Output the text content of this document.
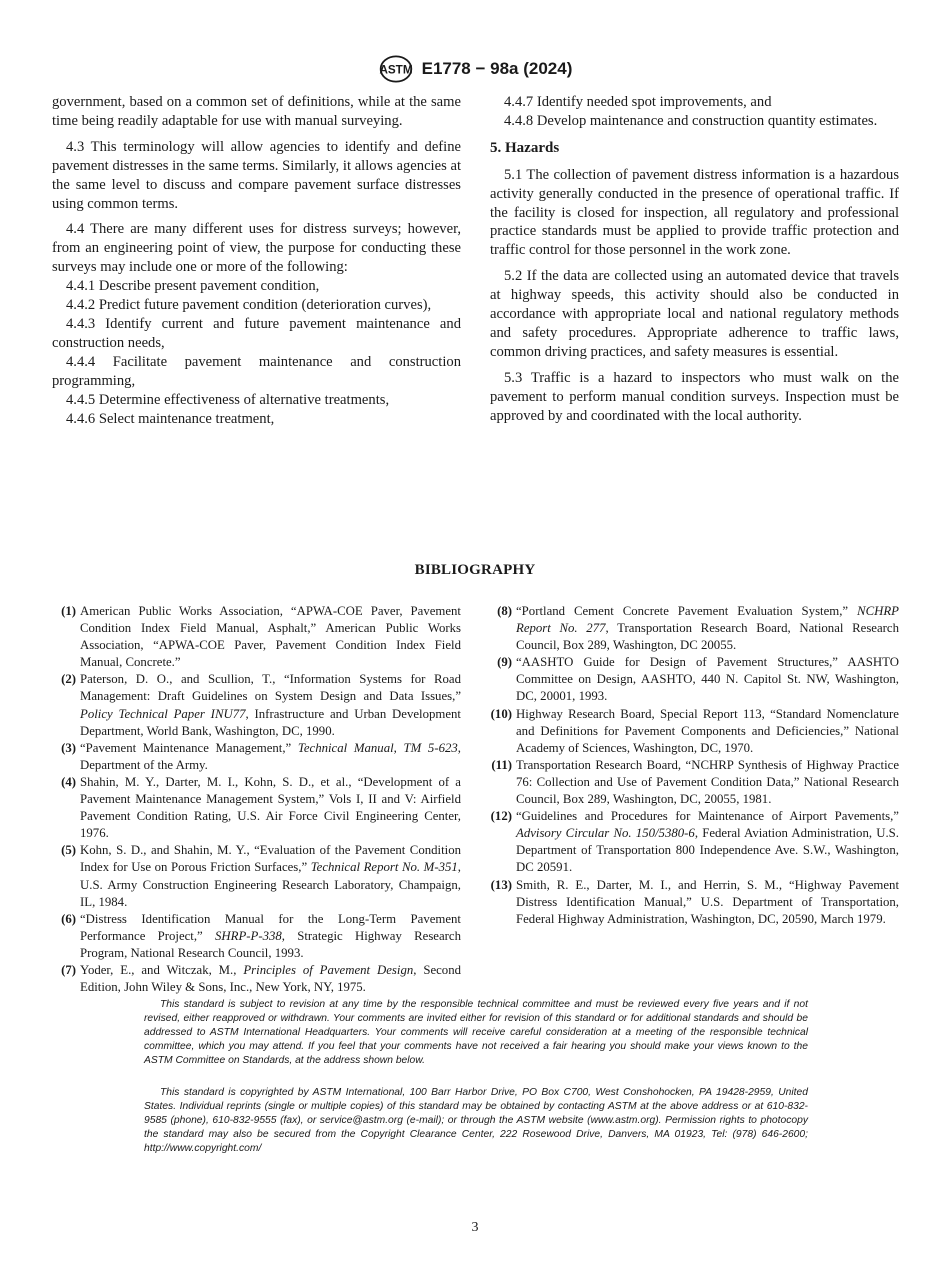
ASTM E1778 − 98a (2024)

government, based on a common set of definitions, while at the same time being readily adaptable for use with manual surveying.

4.3 This terminology will allow agencies to identify and define pavement distresses in the same terms. Similarly, it allows agencies at the same level to discuss and compare pavement surface distresses using common terms.

4.4 There are many different uses for distress surveys; however, from an engineering point of view, the purpose for conducting these surveys may include one or more of the following:

4.4.1 Describe present pavement condition,

4.4.2 Predict future pavement condition (deterioration curves),

4.4.3 Identify current and future pavement maintenance and construction needs,

4.4.4 Facilitate pavement maintenance and construction programming,

4.4.5 Determine effectiveness of alternative treatments,

4.4.6 Select maintenance treatment,

4.4.7 Identify needed spot improvements, and

4.4.8 Develop maintenance and construction quantity estimates.

5. Hazards

5.1 The collection of pavement distress information is a hazardous activity generally conducted in the presence of operational traffic. If the facility is closed for inspection, all regulatory and professional practice standards must be applied to provide traffic protection and traffic control for those personnel in the work zone.

5.2 If the data are collected using an automated device that travels at highway speeds, this activity should also be conducted in accordance with appropriate local and national regulatory methods and safety procedures. Appropriate adherence to traffic laws, common driving practices, and safety measures is essential.

5.3 Traffic is a hazard to inspectors who must walk on the pavement to perform manual condition surveys. Inspection must be approved by and coordinated with the local authority.

BIBLIOGRAPHY
(1) American Public Works Association, “APWA-COE Paver, Pavement Condition Index Field Manual, Asphalt,” American Public Works Association, “APWA-COE Paver, Pavement Condition Index Field Manual, Concrete.”
(2) Paterson, D. O., and Scullion, T., “Information Systems for Road Management: Draft Guidelines on System Design and Data Issues,” Policy Technical Paper INU77, Infrastructure and Urban Development Department, World Bank, Washington, DC, 1990.
(3) “Pavement Maintenance Management,” Technical Manual, TM 5-623, Department of the Army.
(4) Shahin, M. Y., Darter, M. I., Kohn, S. D., et al., “Development of a Pavement Maintenance Management System,” Vols I, II and V: Airfield Pavement Condition Rating, U.S. Air Force Civil Engineering Center, 1976.
(5) Kohn, S. D., and Shahin, M. Y., “Evaluation of the Pavement Condition Index for Use on Porous Friction Surfaces,” Technical Report No. M-351, U.S. Army Construction Engineering Research Laboratory, Champaign, IL, 1984.
(6) “Distress Identification Manual for the Long-Term Pavement Performance Project,” SHRP-P-338, Strategic Highway Research Program, National Research Council, 1993.
(7) Yoder, E., and Witczak, M., Principles of Pavement Design, Second Edition, John Wiley & Sons, Inc., New York, NY, 1975.
(8) “Portland Cement Concrete Pavement Evaluation System,” NCHRP Report No. 277, Transportation Research Board, National Research Council, Box 289, Washington, DC 20055.
(9) “AASHTO Guide for Design of Pavement Structures,” AASHTO Committee on Design, AASHTO, 440 N. Capitol St. NW, Washington, DC, 20001, 1993.
(10) Highway Research Board, Special Report 113, “Standard Nomenclature and Definitions for Pavement Components and Deficiencies,” National Academy of Sciences, Washington, DC, 1970.
(11) Transportation Research Board, “NCHRP Synthesis of Highway Practice 76: Collection and Use of Pavement Condition Data,” National Research Council, Box 289, Washington, DC, 20055, 1981.
(12) “Guidelines and Procedures for Maintenance of Airport Pavements,” Advisory Circular No. 150/5380-6, Federal Aviation Administration, U.S. Department of Transportation 800 Independence Ave. S.W., Washington, DC 20591.
(13) Smith, R. E., Darter, M. I., and Herrin, S. M., “Highway Pavement Distress Identification Manual,” U.S. Department of Transportation, Federal Highway Administration, Washington, DC, 20590, March 1979.

This standard is subject to revision at any time by the responsible technical committee and must be reviewed every five years and if not revised, either reapproved or withdrawn. Your comments are invited either for revision of this standard or for additional standards and should be addressed to ASTM International Headquarters. Your comments will receive careful consideration at a meeting of the responsible technical committee, which you may attend. If you feel that your comments have not received a fair hearing you should make your views known to the ASTM Committee on Standards, at the address shown below.

This standard is copyrighted by ASTM International, 100 Barr Harbor Drive, PO Box C700, West Conshohocken, PA 19428-2959, United States. Individual reprints (single or multiple copies) of this standard may be obtained by contacting ASTM at the above address or at 610-832-9585 (phone), 610-832-9555 (fax), or service@astm.org (e-mail); or through the ASTM website (www.astm.org). Permission rights to photocopy the standard may also be secured from the Copyright Clearance Center, 222 Rosewood Drive, Danvers, MA 01923, Tel: (978) 646-2600; http://www.copyright.com/

3
